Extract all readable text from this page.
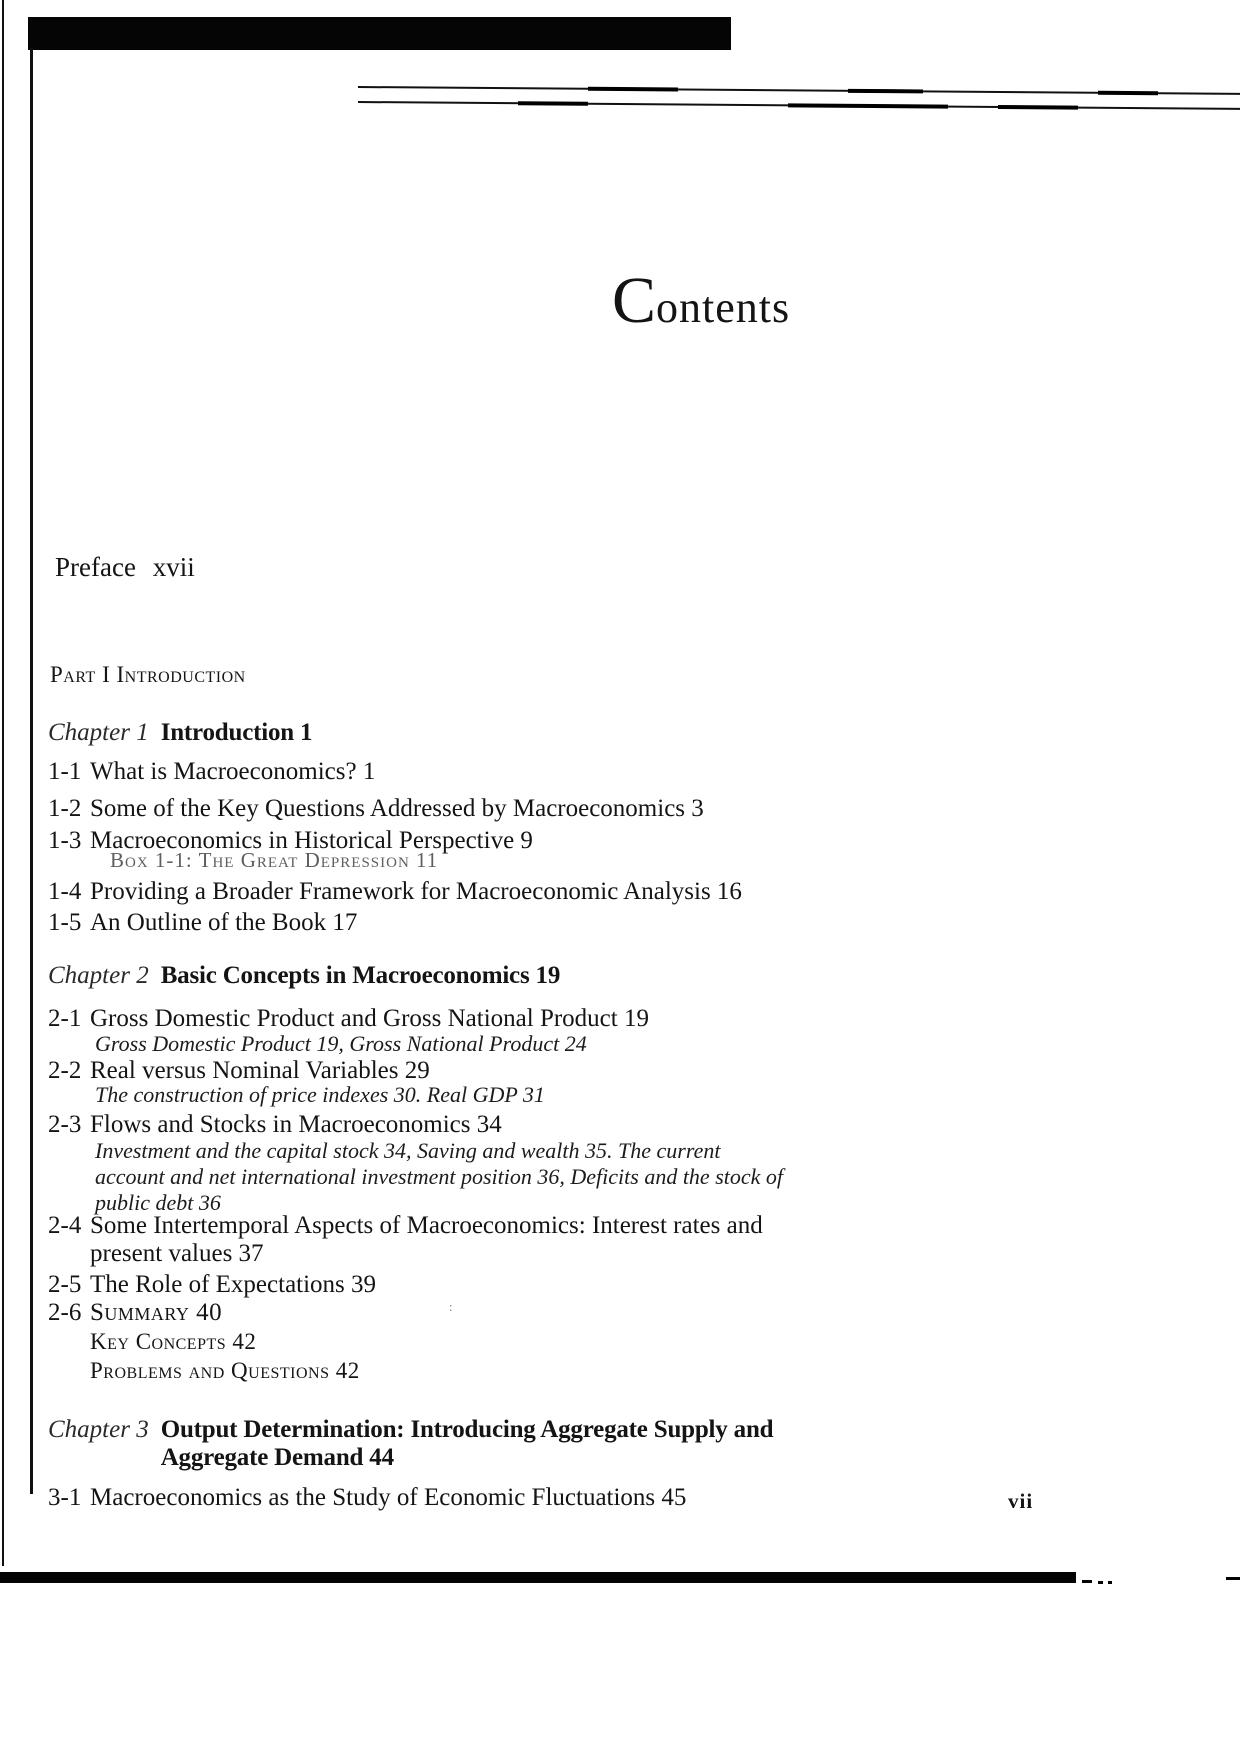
:
Contents
Preface xvii
Part I Introduction
Chapter 1 Introduction 1
1-1 What is Macroeconomics? 1
1-2 Some of the Key Questions Addressed by Macroeconomics 3
1-3 Macroeconomics in Historical Perspective 9
Box 1-1: The Great Depression 11
1-4 Providing a Broader Framework for Macroeconomic Analysis 16
1-5 An Outline of the Book 17
Chapter 2 Basic Concepts in Macroeconomics 19
2-1 Gross Domestic Product and Gross National Product 19
Gross Domestic Product 19, Gross National Product 24
2-2 Real versus Nominal Variables 29
The construction of price indexes 30. Real GDP 31
2-3 Flows and Stocks in Macroeconomics 34
Investment and the capital stock 34, Saving and wealth 35. The current account and net international investment position 36, Deficits and the stock of public debt 36
2-4 Some Intertemporal Aspects of Macroeconomics: Interest rates and present values 37
2-5 The Role of Expectations 39
2-6 Summary 40
Key Concepts 42
Problems and Questions 42
Chapter 3 Output Determination: Introducing Aggregate Supply and
Aggregate Demand 44
3-1 Macroeconomics as the Study of Economic Fluctuations 45	vii
